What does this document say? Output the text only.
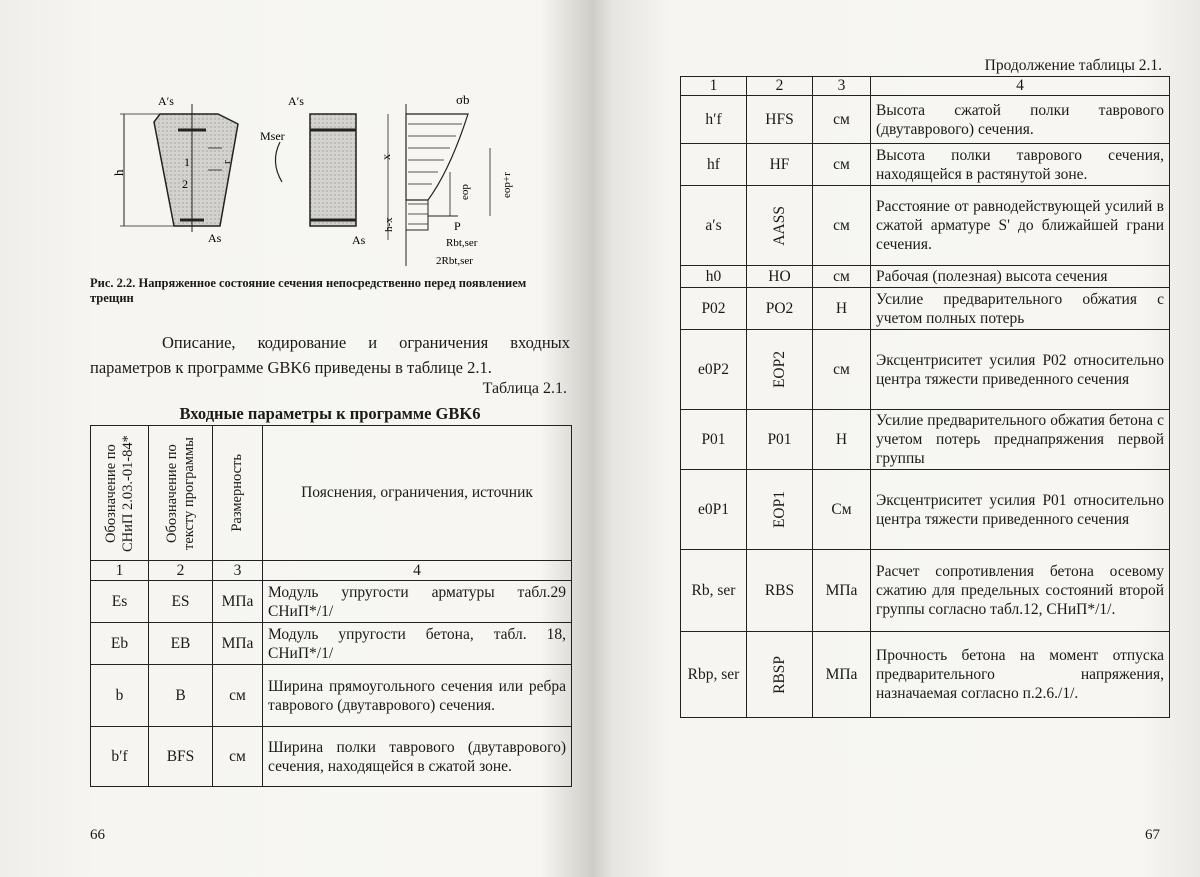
h
A′s
As
1
2
r
Mser
A′s
As
x
h-x
σb
eop	eop+r
P
Rbt,ser
2Rbt,ser
Рис. 2.2. Напряженное состояние сечения непосредственно перед появлением трещин
Описание, кодирование и ограничения входных параметров к программе GBK6 приведены в таблице 2.1.
Таблица 2.1.
Входные параметры к программе GBK6
Обозначение по СНиП 2.03.-01-84*	Обозначение по тексту программы	Размерность	Пояснения, ограничения, источник
1	2	3	4
Es	ES	МПа	Модуль упругости арматуры табл.29 СНиП*/1/
Eb	EB	МПа	Модуль упругости бетона, табл. 18, СНиП*/1/
b	B	см	Ширина прямоугольного сечения или ребра таврового (двутаврового) сечения.
b′f	BFS	см	Ширина полки таврового (двутаврового) сечения, находящейся в сжатой зоне.
66
Продолжение таблицы 2.1.
1	2	3	4
h′f	HFS	см	Высота сжатой полки таврового (двутаврового) сечения.
hf	HF	см	Высота полки таврового сечения, находящейся в растянутой зоне.
a′s	AASS	см	Расстояние от равнодействующей усилий в сжатой арматуре S' до ближайшей грани сечения.
h0	HO	см	Рабочая (полезная) высота сечения
P02	PO2	Н	Усилие предварительного обжатия с учетом полных потерь
e0P2	EOP2	см	Эксцентриситет усилия P02 относительно центра тяжести приведенного сечения
P01	P01	Н	Усилие предварительного обжатия бетона с учетом потерь преднапряжения первой группы
e0P1	EOP1	См	Эксцентриситет усилия P01 относительно центра тяжести приведенного сечения
Rb, ser	RBS	МПа	Расчет сопротивления бетона осевому сжатию для предельных состояний второй группы согласно табл.12, СНиП*/1/.
Rbp, ser	RBSP	МПа	Прочность бетона на момент отпуска предварительного напряжения, назначаемая согласно п.2.6./1/.
67
